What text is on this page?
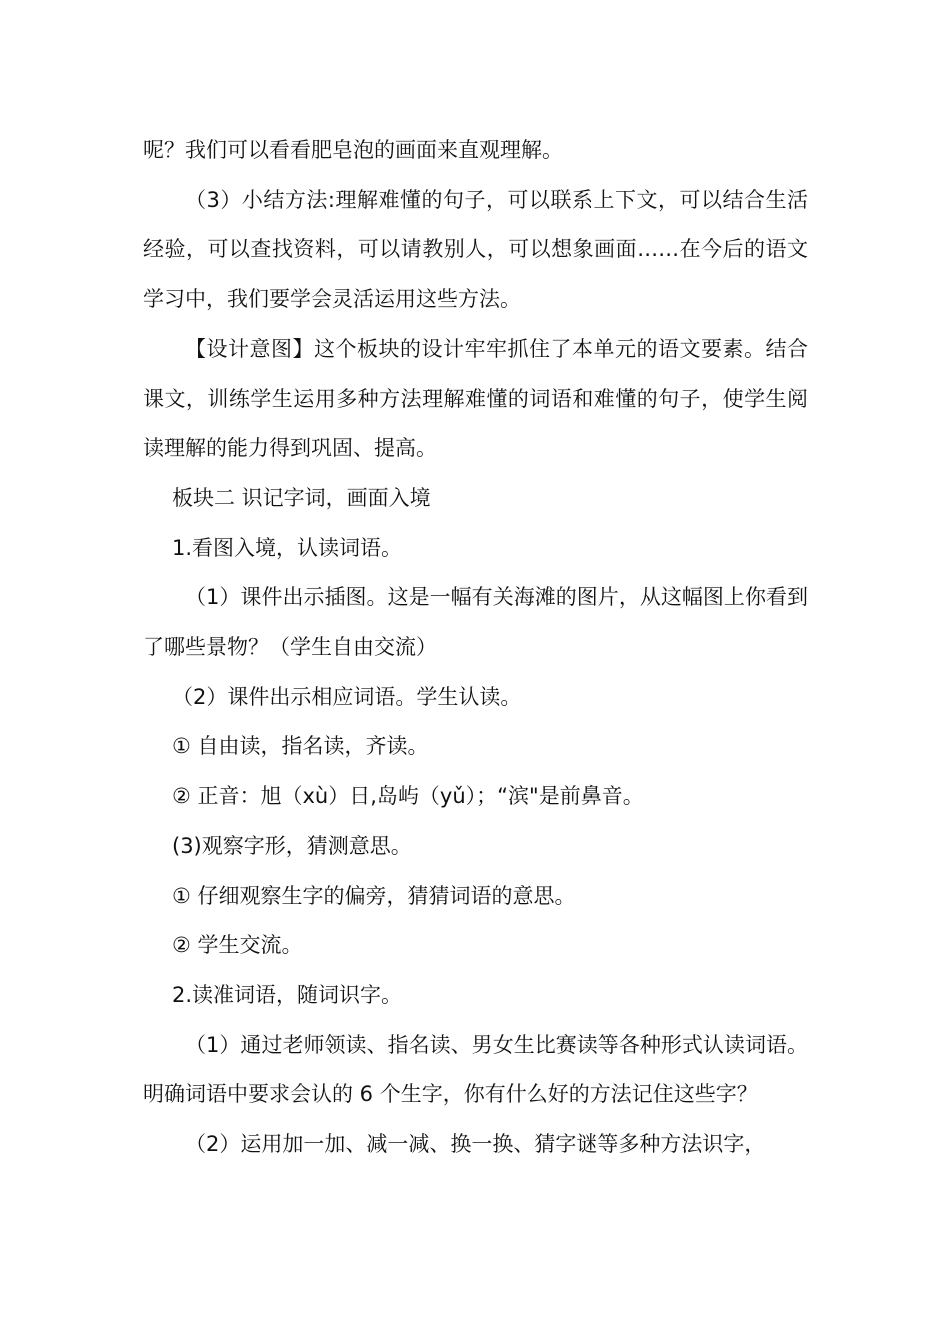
呢？我们可以看看肥皂泡的画面来直观理解。

（3）小结方法:理解难懂的句子，可以联系上下文，可以结合生活经验，可以查找资料，可以请教别人，可以想象画面……在今后的语文学习中，我们要学会灵活运用这些方法。

【设计意图】这个板块的设计牢牢抓住了本单元的语文要素。结合课文，训练学生运用多种方法理解难懂的词语和难懂的句子，使学生阅读理解的能力得到巩固、提高。

板块二 识记字词，画面入境

1.看图入境，认读词语。

（1）课件出示插图。这是一幅有关海滩的图片，从这幅图上你看到了哪些景物？（学生自由交流）

（2）课件出示相应词语。学生认读。

① 自由读，指名读，齐读。

② 正音：旭（xù）日,岛屿（yǔ）；“滨"是前鼻音。

(3)观察字形，猜测意思。

① 仔细观察生字的偏旁，猜猜词语的意思。

② 学生交流。

2.读准词语，随词识字。

（1）通过老师领读、指名读、男女生比赛读等各种形式认读词语。明确词语中要求会认的 6 个生字，你有什么好的方法记住这些字？

（2）运用加一加、减一减、换一换、猜字谜等多种方法识字，
